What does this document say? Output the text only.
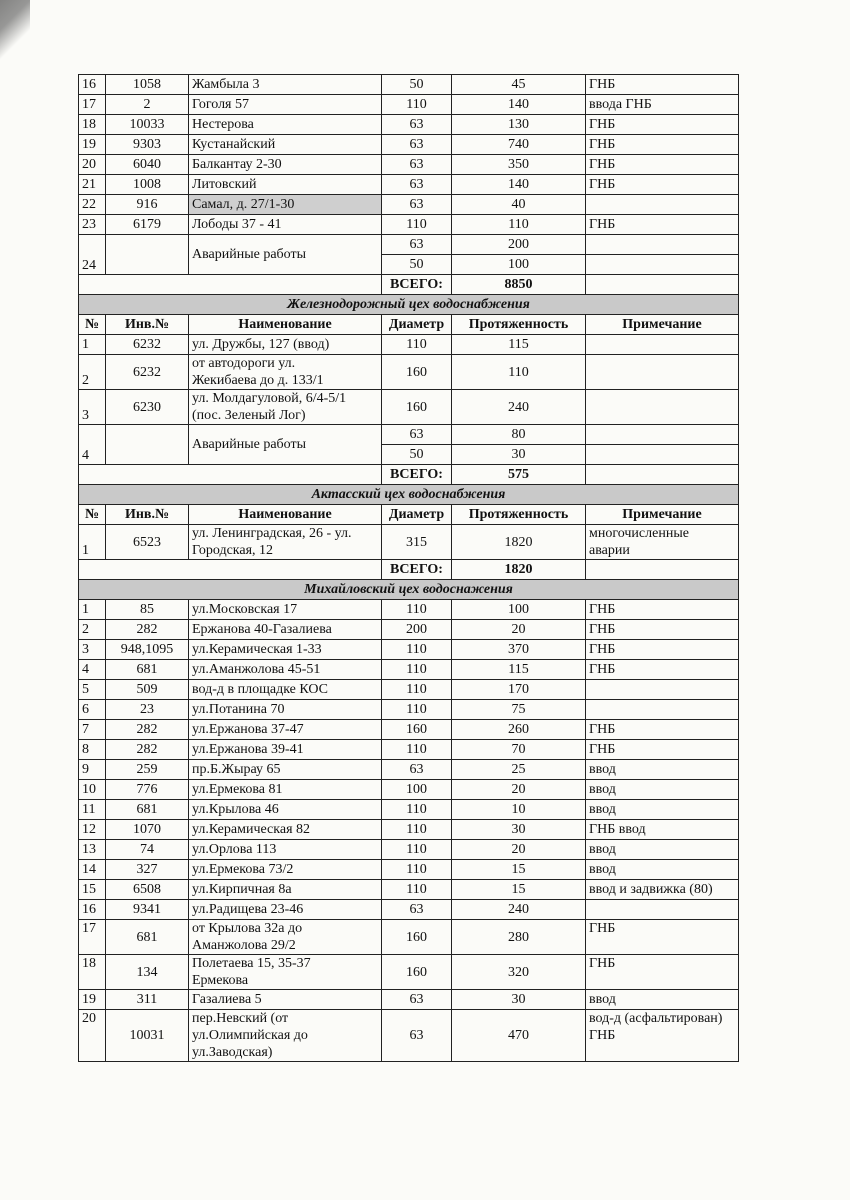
16	1058	Жамбыла 3	50	45	ГНБ
17	2	Гоголя 57	110	140	ввода ГНБ
18	10033	Нестерова	63	130	ГНБ
19	9303	Кустанайский	63	740	ГНБ
20	6040	Балкантау 2-30	63	350	ГНБ
21	1008	Литовский	63	140	ГНБ
22	916	Самал, д. 27/1-30	63	40	
23	6179	Лободы 37 - 41	110	110	ГНБ
24		Аварийные работы	63	200	
			50	100	
			ВСЕГО:	8850	
Железнодорожный цех водоснабжения					
№	Инв.№	Наименование	Диаметр	Протяженность	Примечание
1	6232	ул. Дружбы, 127 (ввод)	110	115	
2	6232	от автодороги ул.
Жекибаева до д. 133/1	160	110	
3	6230	ул. Молдагуловой, 6/4-5/1
(пос. Зеленый Лог)	160	240	
4		Аварийные работы	63	80	
			50	30	
			ВСЕГО:	575	
Актасский цех водоснабжения					
№	Инв.№	Наименование	Диаметр	Протяженность	Примечание
1	6523	ул. Ленинградская, 26 - ул.
Городская, 12	315	1820	многочисленные
аварии
			ВСЕГО:	1820	
Михайловский цех водоснажения					
1	85	ул.Московская 17	110	100	ГНБ
2	282	Ержанова 40-Газалиева	200	20	ГНБ
3	948,1095	ул.Керамическая 1-33	110	370	ГНБ
4	681	ул.Аманжолова 45-51	110	115	ГНБ
5	509	вод-д в площадке КОС	110	170	
6	23	ул.Потанина 70	110	75	
7	282	ул.Ержанова 37-47	160	260	ГНБ
8	282	ул.Ержанова 39-41	110	70	ГНБ
9	259	пр.Б.Жырау 65	63	25	ввод
10	776	ул.Ермекова 81	100	20	ввод
11	681	ул.Крылова 46	110	10	ввод
12	1070	ул.Керамическая 82	110	30	ГНБ ввод
13	74	ул.Орлова 113	110	20	ввод
14	327	ул.Ермекова 73/2	110	15	ввод
15	6508	ул.Кирпичная 8а	110	15	ввод и задвижка (80)
16	9341	ул.Радищева 23-46	63	240	
17	681	от Крылова 32а до
Аманжолова 29/2	160	280	ГНБ
18	134	Полетаева 15, 35-37
Ермекова	160	320	ГНБ
19	311	Газалиева 5	63	30	ввод
20	10031	пер.Невский (от
ул.Олимпийская до
ул.Заводская)	63	470	вод-д (асфальтирован)
ГНБ
